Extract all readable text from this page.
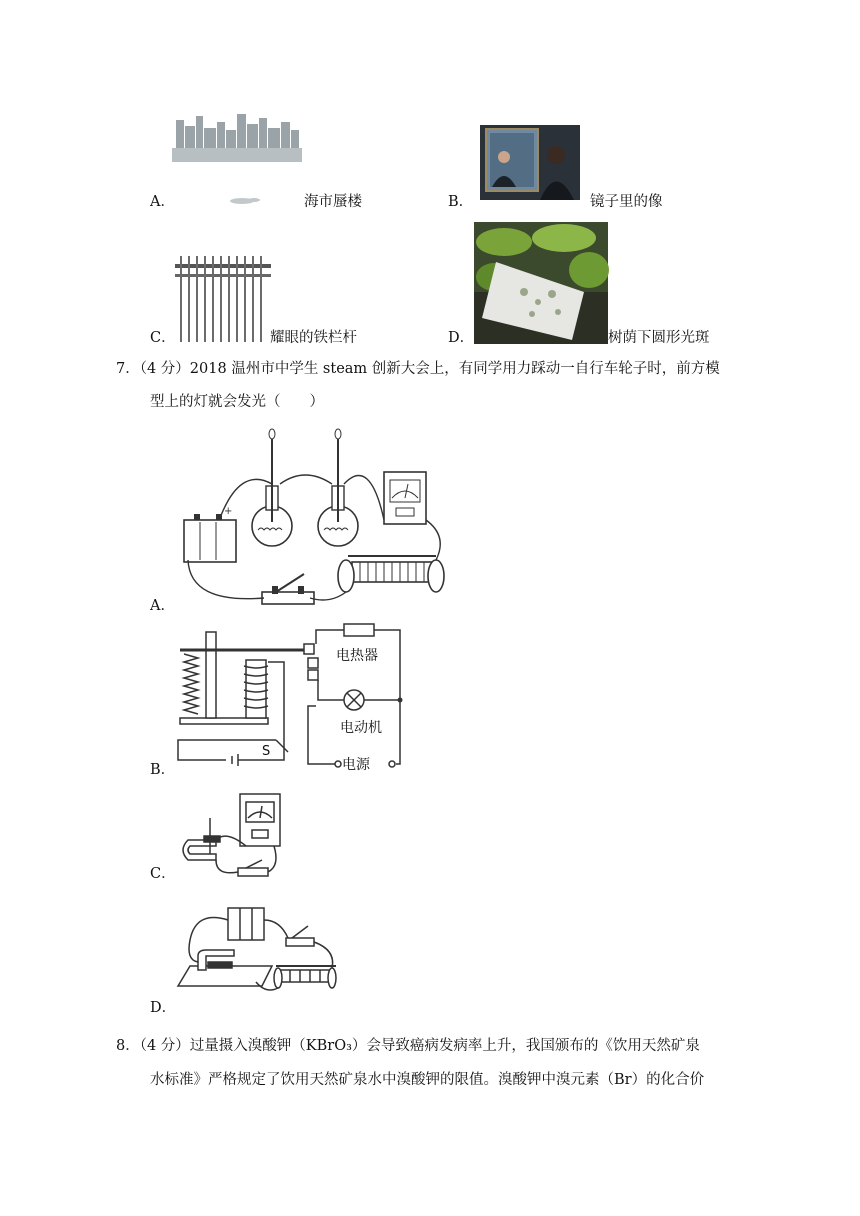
A．	海市蜃楼	B．	镜子里的像
C．	耀眼的铁栏杆	D．	树荫下圆形光斑
7．（4 分）2018 温州市中学生 steam 创新大会上，有同学用力踩动一自行车轮子时，前方模
型上的灯就会发光（　　）
+
A．
电热器
电动机
电源
S
B．
C．
D．
8．（4 分）过量摄入溴酸钾（KBrO₃）会导致癌病发病率上升，我国颁布的《饮用天然矿泉
水标准》严格规定了饮用天然矿泉水中溴酸钾的限值。溴酸钾中溴元素（Br）的化合价
